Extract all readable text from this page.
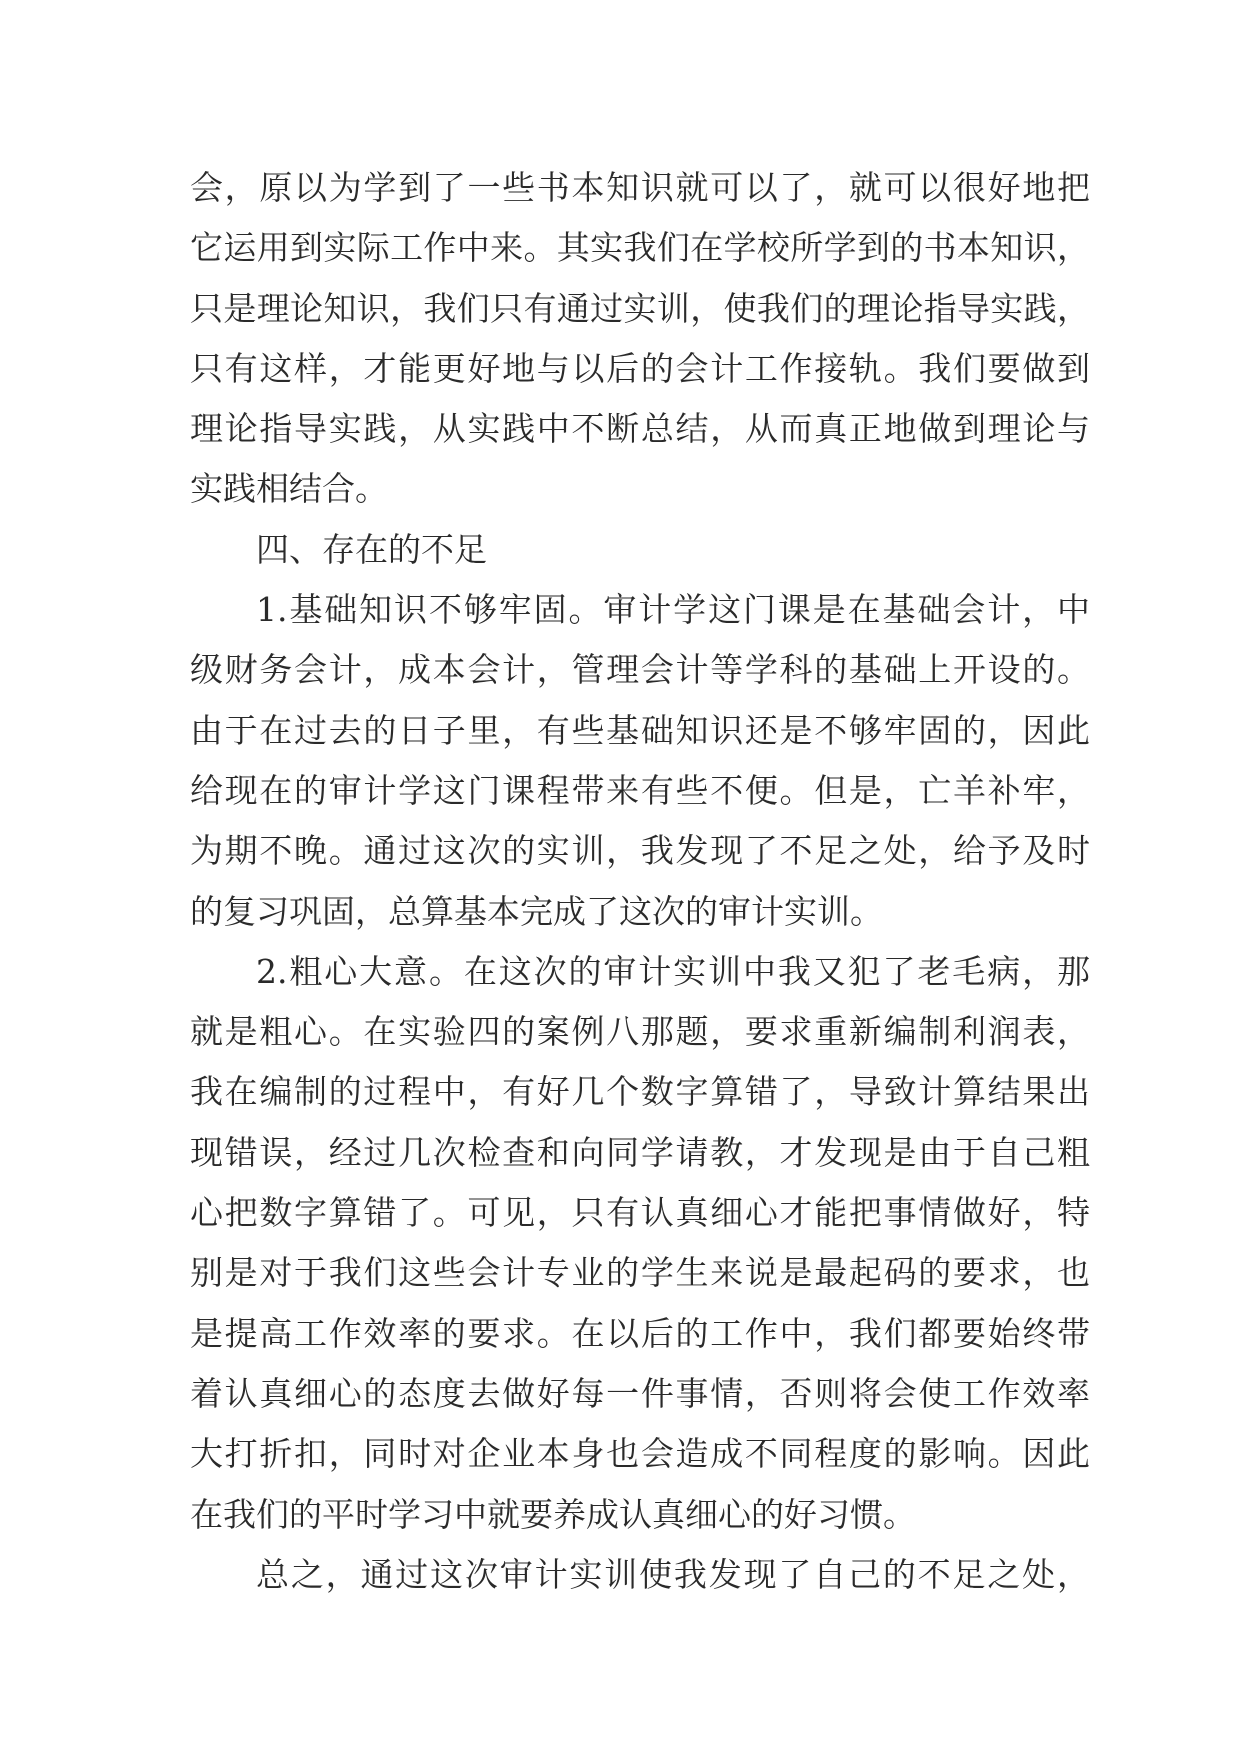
会，原以为学到了一些书本知识就可以了，就可以很好地把
它运用到实际工作中来。其实我们在学校所学到的书本知识，
只是理论知识，我们只有通过实训，使我们的理论指导实践，
只有这样，才能更好地与以后的会计工作接轨。我们要做到
理论指导实践，从实践中不断总结，从而真正地做到理论与
实践相结合。
四、存在的不足
1.基础知识不够牢固。审计学这门课是在基础会计，中
级财务会计，成本会计，管理会计等学科的基础上开设的。
由于在过去的日子里，有些基础知识还是不够牢固的，因此
给现在的审计学这门课程带来有些不便。但是，亡羊补牢，
为期不晚。通过这次的实训，我发现了不足之处，给予及时
的复习巩固，总算基本完成了这次的审计实训。
2.粗心大意。在这次的审计实训中我又犯了老毛病，那
就是粗心。在实验四的案例八那题，要求重新编制利润表，
我在编制的过程中，有好几个数字算错了，导致计算结果出
现错误，经过几次检查和向同学请教，才发现是由于自己粗
心把数字算错了。可见，只有认真细心才能把事情做好，特
别是对于我们这些会计专业的学生来说是最起码的要求，也
是提高工作效率的要求。在以后的工作中，我们都要始终带
着认真细心的态度去做好每一件事情，否则将会使工作效率
大打折扣，同时对企业本身也会造成不同程度的影响。因此
在我们的平时学习中就要养成认真细心的好习惯。
总之，通过这次审计实训使我发现了自己的不足之处，
